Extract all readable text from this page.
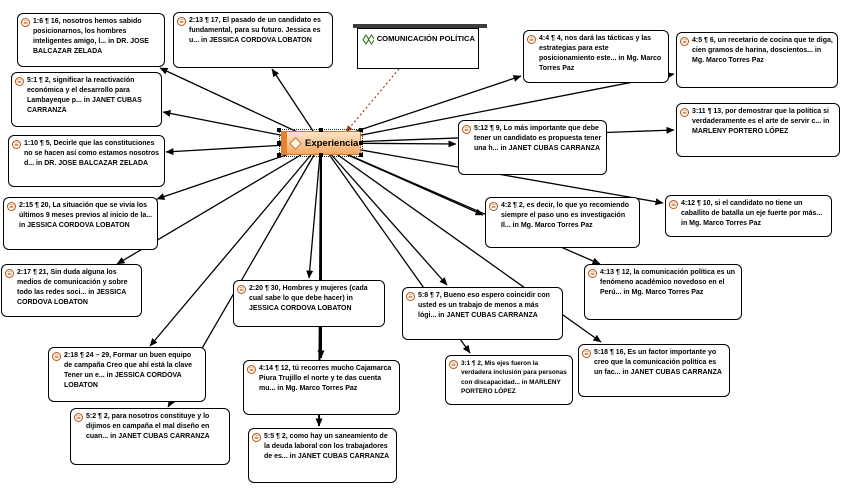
≡ 1:6 ¶ 16, nosotros hemos sabido posicionarnos, los hombres inteligentes amigo, l... in DR. JOSE BALCAZAR ZELADA
≡ 5:1 ¶ 2, significar la reactivación económica y el desarrollo para Lambayeque p... in JANET CUBAS CARRANZA
≡ 1:10 ¶ 5, Decirle que las constituciones no se hacen así como estamos nosotros d... in DR. JOSE BALCAZAR ZELADA
≡ 2:15 ¶ 20, La situación que se vivía los últimos 9 meses previos al inicio de la... in JESSICA CORDOVA LOBATON
≡ 2:17 ¶ 21, Sin duda alguna los medios de comunicación y sobre todo las redes soci... in JESSICA CORDOVA LOBATON
≡ 2:18 ¶ 24 – 29, Formar un buen equipo de campaña Creo que ahí está la clave Tener un e... in JESSICA CORDOVA LOBATON
≡ 5:2 ¶ 2, para nosotros constituye y lo dijimos en campaña el mal diseño en cuan... in JANET CUBAS CARRANZA
≡ 2:13 ¶ 17, El pasado de un candidato es fundamental, para su futuro. Jessica es u... in JESSICA CORDOVA LOBATON
≡ 2:20 ¶ 30, Hombres y mujeres (cada cual sabe lo que debe hacer) in JESSICA CORDOVA LOBATON
≡ 4:14 ¶ 12, tú recorres mucho Cajamarca Piura Trujillo el norte y te das cuenta mu... in Mg. Marco Torres Paz
≡ 5:5 ¶ 2, como hay un saneamiento de la deuda laboral con los trabajadores de es... in JANET CUBAS CARRANZA
≡ 5:8 ¶ 7, Bueno eso espero coincidir con usted es un trabajo de menos a más lógi... in JANET CUBAS CARRANZA
≡ 3:1 ¶ 2, Mis ejes fueron la verdadera inclusión para personas con discapacidad... in MARLENY PORTERO LÓPEZ
≡ 5:12 ¶ 9, Lo más importante que debe tener un candidato es propuesta tener una h... in JANET CUBAS CARRANZA
≡ 4:2 ¶ 2, es decir, lo que yo recomiendo siempre el paso uno es investigación Il... in Mg. Marco Torres Paz
≡ 4:4 ¶ 4, nos dará las tácticas y las estrategias para este posicionamiento este... in Mg. Marco Torres Paz
≡ 4:5 ¶ 6, un recetario de cocina que te diga, cien gramos de harina, doscientos... in Mg. Marco Torres Paz
≡ 3:11 ¶ 13, por demostrar que la política si verdaderamente es el arte de servir c... in MARLENY PORTERO LÓPEZ
≡ 4:12 ¶ 10, si el candidato no tiene un caballito de batalla un eje fuerte por más... in Mg. Marco Torres Paz
≡ 4:13 ¶ 12, la comunicación política es un fenómeno académico novedoso en el Perú... in Mg. Marco Torres Paz
≡ 5:18 ¶ 16, Es un factor importante yo creo que la comunicación política es un fac... in JANET CUBAS CARRANZA
COMUNICACIÓN POLÍTICA
Experiencia
